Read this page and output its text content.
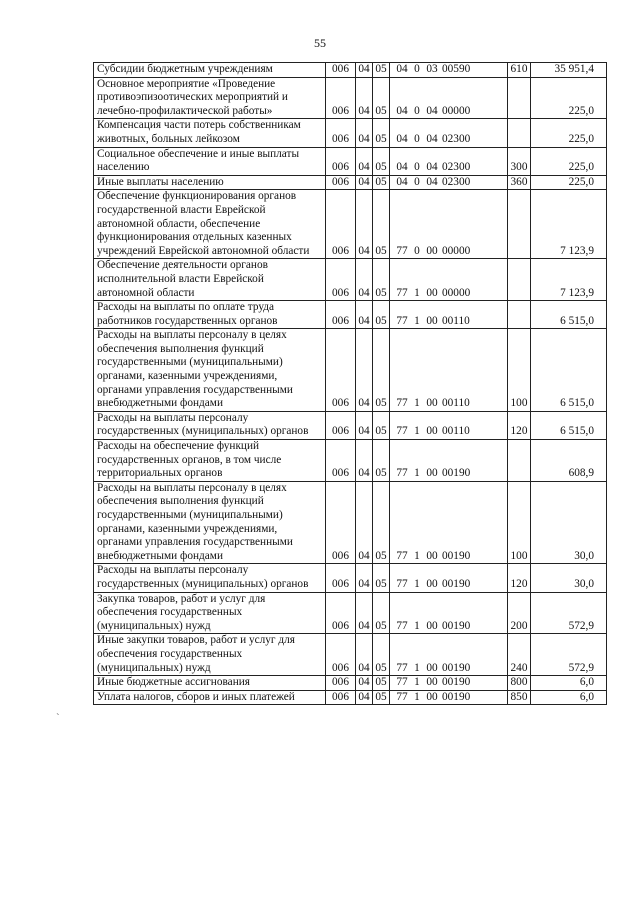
55
Субсидии бюджетным учреждениям	006	04	05	04 0 03 00590	610	35 951,4
Основное мероприятие «Проведение противоэпизоотических мероприятий и лечебно-профилактической работы»	006	04	05	04 0 04 00000		225,0
Компенсация части потерь собственникам животных, больных лейкозом	006	04	05	04 0 04 02300		225,0
Социальное обеспечение и иные выплаты населению	006	04	05	04 0 04 02300	300	225,0
Иные выплаты населению	006	04	05	04 0 04 02300	360	225,0
Обеспечение функционирования органов государственной власти Еврейской автономной области, обеспечение функционирования отдельных казенных учреждений Еврейской автономной области	006	04	05	77 0 00 00000		7 123,9
Обеспечение деятельности органов исполнительной власти Еврейской автономной области	006	04	05	77 1 00 00000		7 123,9
Расходы на выплаты по оплате труда работников государственных органов	006	04	05	77 1 00 00110		6 515,0
Расходы на выплаты персоналу в целях обеспечения выполнения функций государственными (муниципальными) органами, казенными учреждениями, органами управления государственными внебюджетными фондами	006	04	05	77 1 00 00110	100	6 515,0
Расходы на выплаты персоналу государственных (муниципальных) органов	006	04	05	77 1 00 00110	120	6 515,0
Расходы на обеспечение функций государственных органов, в том числе территориальных органов	006	04	05	77 1 00 00190		608,9
Расходы на выплаты персоналу в целях обеспечения выполнения функций государственными (муниципальными) органами, казенными учреждениями, органами управления государственными внебюджетными фондами	006	04	05	77 1 00 00190	100	30,0
Расходы на выплаты персоналу государственных (муниципальных) органов	006	04	05	77 1 00 00190	120	30,0
Закупка товаров, работ и услуг для обеспечения государственных (муниципальных) нужд	006	04	05	77 1 00 00190	200	572,9
Иные закупки товаров, работ и услуг для обеспечения государственных (муниципальных) нужд	006	04	05	77 1 00 00190	240	572,9
Иные бюджетные ассигнования	006	04	05	77 1 00 00190	800	6,0
Уплата налогов, сборов и иных платежей	006	04	05	77 1 00 00190	850	6,0
`
